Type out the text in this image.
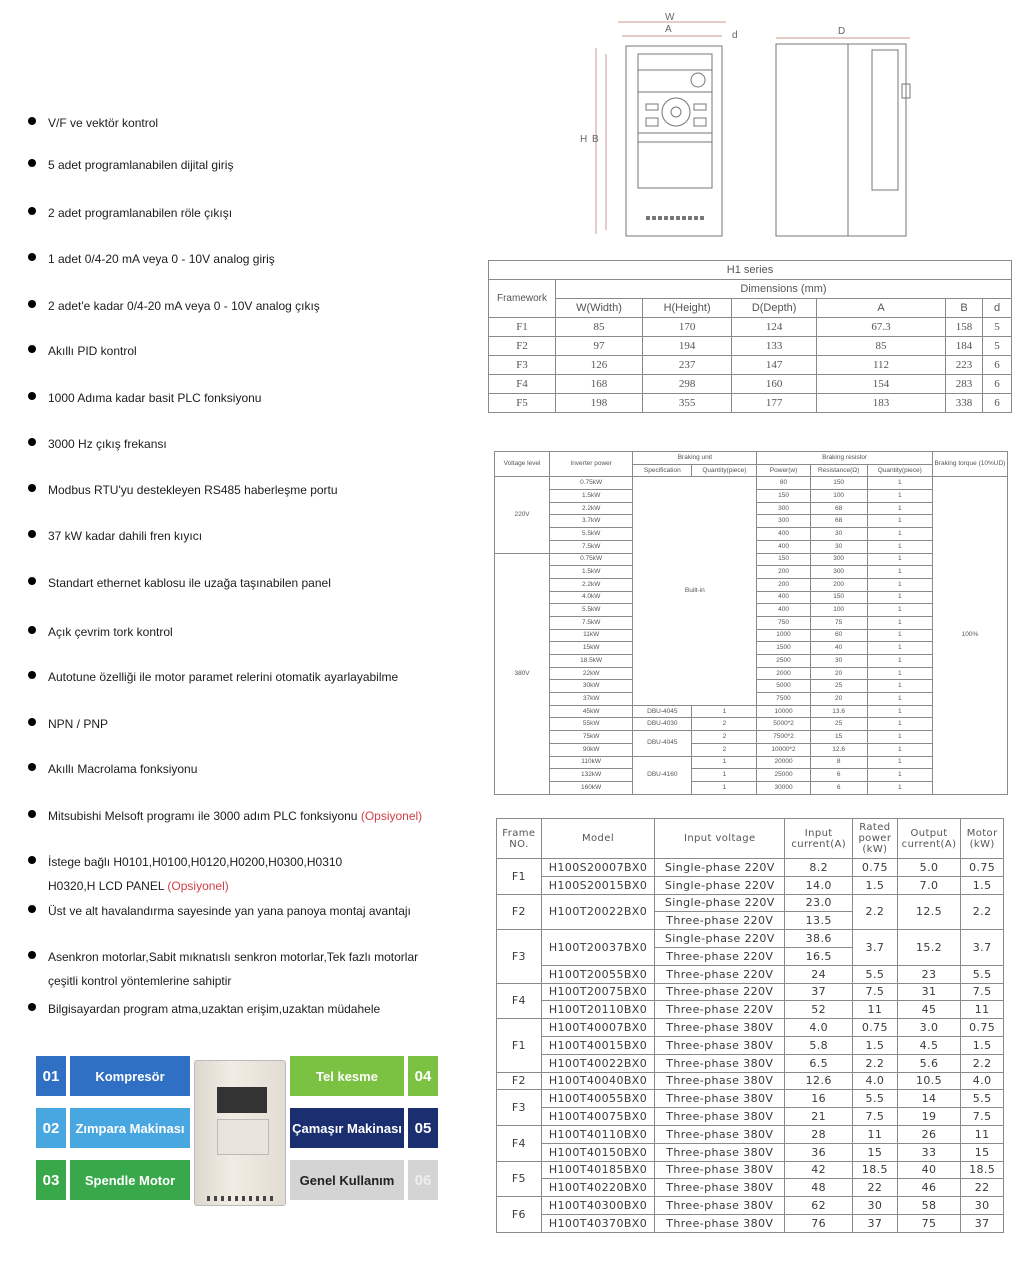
V/F ve vektör kontrol
5 adet programlanabilen dijital giriş
2 adet programlanabilen röle çıkışı
1 adet 0/4-20 mA veya 0 - 10V analog giriş
2 adet'e kadar 0/4-20 mA veya 0 - 10V analog çıkış
Akıllı PID kontrol
1000 Adıma kadar basit PLC fonksiyonu
3000 Hz çıkış frekansı
Modbus RTU'yu destekleyen RS485 haberleşme portu
37 kW kadar dahili fren kıyıcı
Standart ethernet kablosu ile uzağa taşınabilen panel
Açık çevrim tork kontrol
Autotune özelliği ile motor paramet relerini otomatik ayarlayabilme
NPN / PNP
Akıllı Macrolama fonksiyonu
Mitsubishi Melsoft programı ile 3000 adım PLC fonksiyonu (Opsiyonel)
İstege bağlı H0101,H0100,H0120,H0200,H0300,H0310
H0320,H LCD PANEL (Opsiyonel)
Üst ve alt havalandırma sayesinde yan yana panoya montaj avantajı
Asenkron motorlar,Sabit mıknatıslı senkron motorlar,Tek fazlı motorlar
çeşitli kontrol yöntemlerine sahiptir
Bilgisayardan program atma,uzaktan erişim,uzaktan müdahele
01	Kompresör
02	Zımpara Makinası
03	Spendle Motor
Tel kesme	04
Çamaşır Makinası 05
Genel Kullanım	06
W
A
d
H B
D
H1 series						
Framework	Dimensions (mm)					
	W(Width)	H(Height)	D(Depth)	A	B	d
F1	85	170	124	67.3	158	5
F2	97	194	133	85	184	5
F3	126	237	147	112	223	6
F4	168	298	160	154	283	6
F5	198	355	177	183	338	6
Voltage level	Inverter power	Braking unit		Braking resistor			Braking torque (10%UD)
		Specification	Quantity(piece)	Power(w)	Resistance(Ω)	Quantity(piece)	
220V	0.75kW	Built-in		80	150	1	100%
	1.5kW			150	100	1	
	2.2kW			300	68	1	
	3.7kW			300	68	1	
	5.5kW			400	30	1	
	7.5kW			400	30	1	
380V	0.75kW			150	300	1	
	1.5kW			200	300	1	
	2.2kW			200	200	1	
	4.0kW			400	150	1	
	5.5kW			400	100	1	
	7.5kW			750	75	1	
	11kW			1000	60	1	
	15kW			1500	40	1	
	18.5kW			2500	30	1	
	22kW			2000	20	1	
	30kW			5000	25	1	
	37kW			7500	20	1	
	45kW	DBU-4045	1	10000	13.6	1	
	55kW	DBU-4030	2	5000*2	25	1	
	75kW	DBU-4045	2	7500*2	15	1	
	90kW		2	10000*2	12.6	1	
	110kW	DBU-4160	1	20000	8	1	
	132kW		1	25000	6	1	
	160kW		1	30000	6	1	
Frame NO.	Model	Input voltage	Input current(A)	Rated power (kW)	Output current(A)	Motor (kW)
F1	H100S20007BX0	Single-phase 220V	8.2	0.75	5.0	0.75
	H100S20015BX0	Single-phase 220V	14.0	1.5	7.0	1.5
F2	H100T20022BX0	Single-phase 220V	23.0	2.2	12.5	2.2
		Three-phase 220V	13.5			
F3	H100T20037BX0	Single-phase 220V	38.6	3.7	15.2	3.7
		Three-phase 220V	16.5			
	H100T20055BX0	Three-phase 220V	24	5.5	23	5.5
F4	H100T20075BX0	Three-phase 220V	37	7.5	31	7.5
	H100T20110BX0	Three-phase 220V	52	11	45	11
F1	H100T40007BX0	Three-phase 380V	4.0	0.75	3.0	0.75
	H100T40015BX0	Three-phase 380V	5.8	1.5	4.5	1.5
	H100T40022BX0	Three-phase 380V	6.5	2.2	5.6	2.2
F2	H100T40040BX0	Three-phase 380V	12.6	4.0	10.5	4.0
F3	H100T40055BX0	Three-phase 380V	16	5.5	14	5.5
	H100T40075BX0	Three-phase 380V	21	7.5	19	7.5
F4	H100T40110BX0	Three-phase 380V	28	11	26	11
	H100T40150BX0	Three-phase 380V	36	15	33	15
F5	H100T40185BX0	Three-phase 380V	42	18.5	40	18.5
	H100T40220BX0	Three-phase 380V	48	22	46	22
F6	H100T40300BX0	Three-phase 380V	62	30	58	30
	H100T40370BX0	Three-phase 380V	76	37	75	37
